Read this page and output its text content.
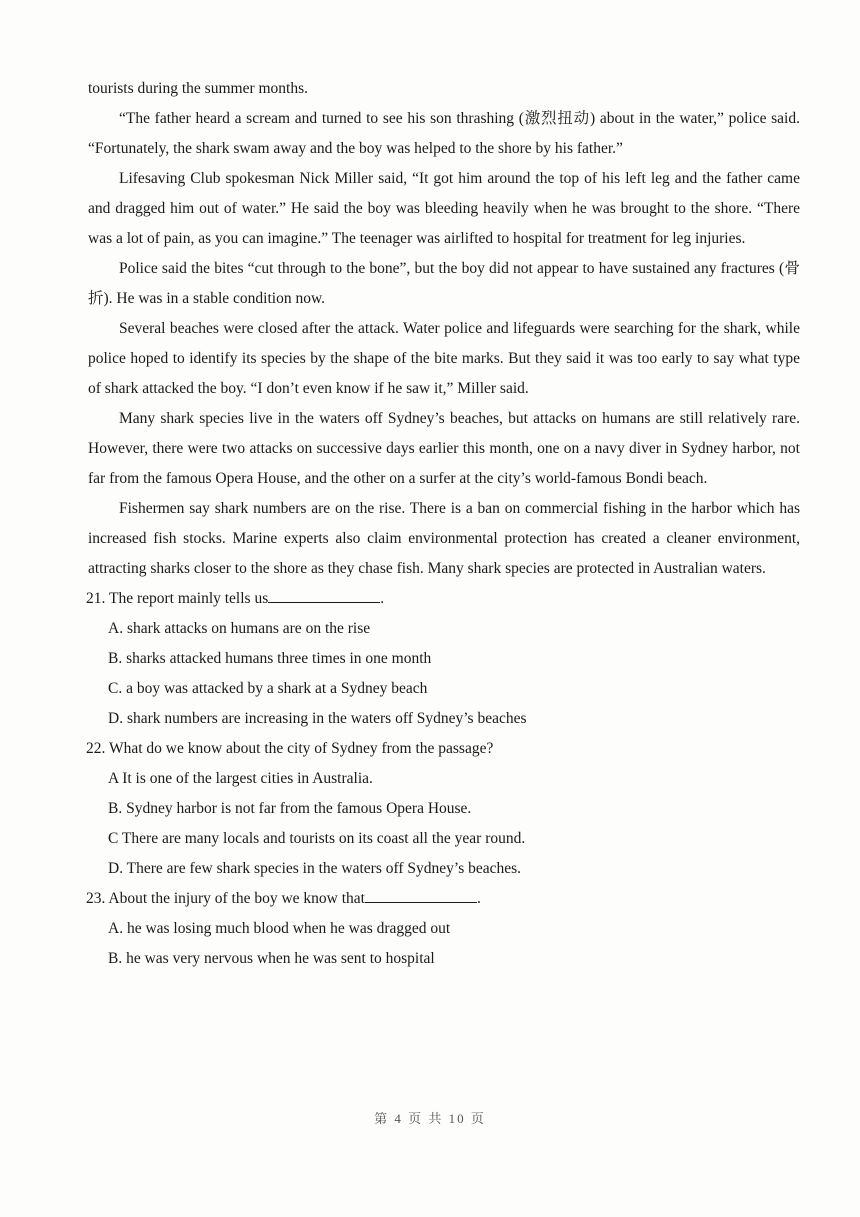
tourists during the summer months.

“The father heard a scream and turned to see his son thrashing (激烈扭动) about in the water,” police said. “Fortunately, the shark swam away and the boy was helped to the shore by his father.”

Lifesaving Club spokesman Nick Miller said, “It got him around the top of his left leg and the father came and dragged him out of water.” He said the boy was bleeding heavily when he was brought to the shore. “There was a lot of pain, as you can imagine.” The teenager was airlifted to hospital for treatment for leg injuries.

Police said the bites “cut through to the bone”, but the boy did not appear to have sustained any fractures (骨折). He was in a stable condition now.

Several beaches were closed after the attack. Water police and lifeguards were searching for the shark, while police hoped to identify its species by the shape of the bite marks. But they said it was too early to say what type of shark attacked the boy. “I don’t even know if he saw it,” Miller said.

Many shark species live in the waters off Sydney’s beaches, but attacks on humans are still relatively rare. However, there were two attacks on successive days earlier this month, one on a navy diver in Sydney harbor, not far from the famous Opera House, and the other on a surfer at the city’s world-famous Bondi beach.

Fishermen say shark numbers are on the rise. There is a ban on commercial fishing in the harbor which has increased fish stocks. Marine experts also claim environmental protection has created a cleaner environment, attracting sharks closer to the shore as they chase fish. Many shark species are protected in Australian waters.

21. The report mainly tells us	.

A. shark attacks on humans are on the rise

B. sharks attacked humans three times in one month

C. a boy was attacked by a shark at a Sydney beach

D. shark numbers are increasing in the waters off Sydney’s beaches

22. What do we know about the city of Sydney from the passage?

A It is one of the largest cities in Australia.

B. Sydney harbor is not far from the famous Opera House.

C There are many locals and tourists on its coast all the year round.

D. There are few shark species in the waters off Sydney’s beaches.

23. About the injury of the boy we know that	.

A. he was losing much blood when he was dragged out

B. he was very nervous when he was sent to hospital

第 4 页 共 10 页
